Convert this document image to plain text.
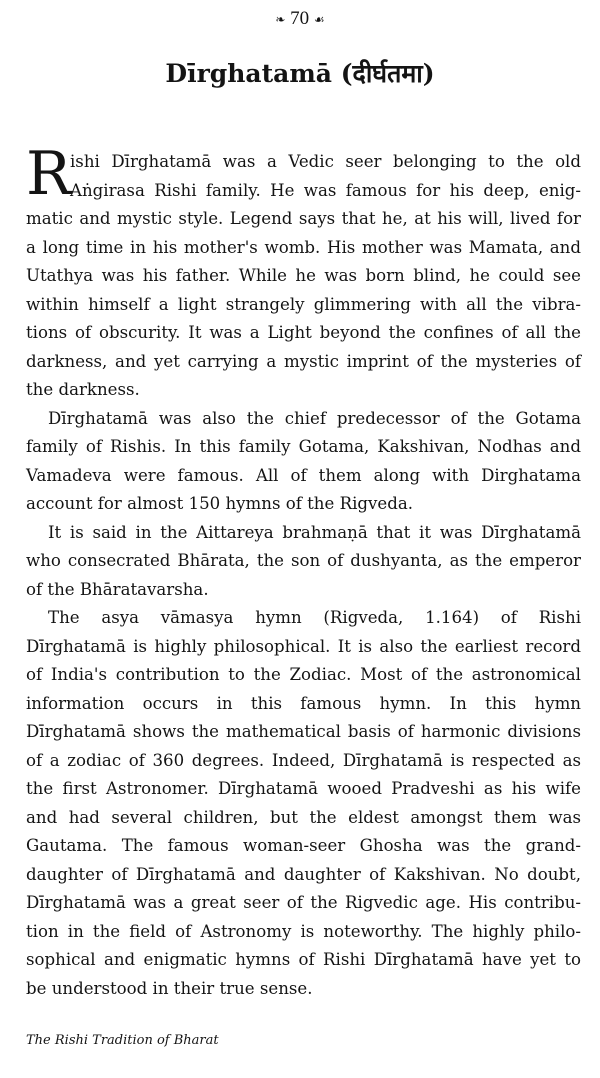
❧ 70 ☙
Dīrghatamā (दीर्घतमा)
R
ishi Dīrghatamā was a Vedic seer belonging to the old
Aṅgirasa Rishi family. He was famous for his deep, enig-
matic and mystic style. Legend says that he, at his will, lived for
a long time in his mother's womb. His mother was Mamata, and
Utathya was his father. While he was born blind, he could see
within himself a light strangely glimmering with all the vibra-
tions of obscurity. It was a Light beyond the confines of all the
darkness, and yet carrying a mystic imprint of the mysteries of
the darkness.
Dīrghatamā was also the chief predecessor of the Gotama
family of Rishis. In this family Gotama, Kakshivan, Nodhas and
Vamadeva were famous. All of them along with Dirghatama
account for almost 150 hymns of the Rigveda.
It is said in the Aittareya brahmaṇā that it was Dīrghatamā
who consecrated Bhārata, the son of dushyanta, as the emperor
of the Bhāratavarsha.
The asya vāmasya hymn (Rigveda, 1.164) of Rishi
Dīrghatamā is highly philosophical. It is also the earliest record
of India's contribution to the Zodiac. Most of the astronomical
information occurs in this famous hymn. In this hymn
Dīrghatamā shows the mathematical basis of harmonic divisions
of a zodiac of 360 degrees. Indeed, Dīrghatamā is respected as
the first Astronomer. Dīrghatamā wooed Pradveshi as his wife
and had several children, but the eldest amongst them was
Gautama. The famous woman-seer Ghosha was the grand-
daughter of Dīrghatamā and daughter of Kakshivan. No doubt,
Dīrghatamā was a great seer of the Rigvedic age. His contribu-
tion in the field of Astronomy is noteworthy. The highly philo-
sophical and enigmatic hymns of Rishi Dīrghatamā have yet to
be understood in their true sense.
The Rishi Tradition of Bharat
